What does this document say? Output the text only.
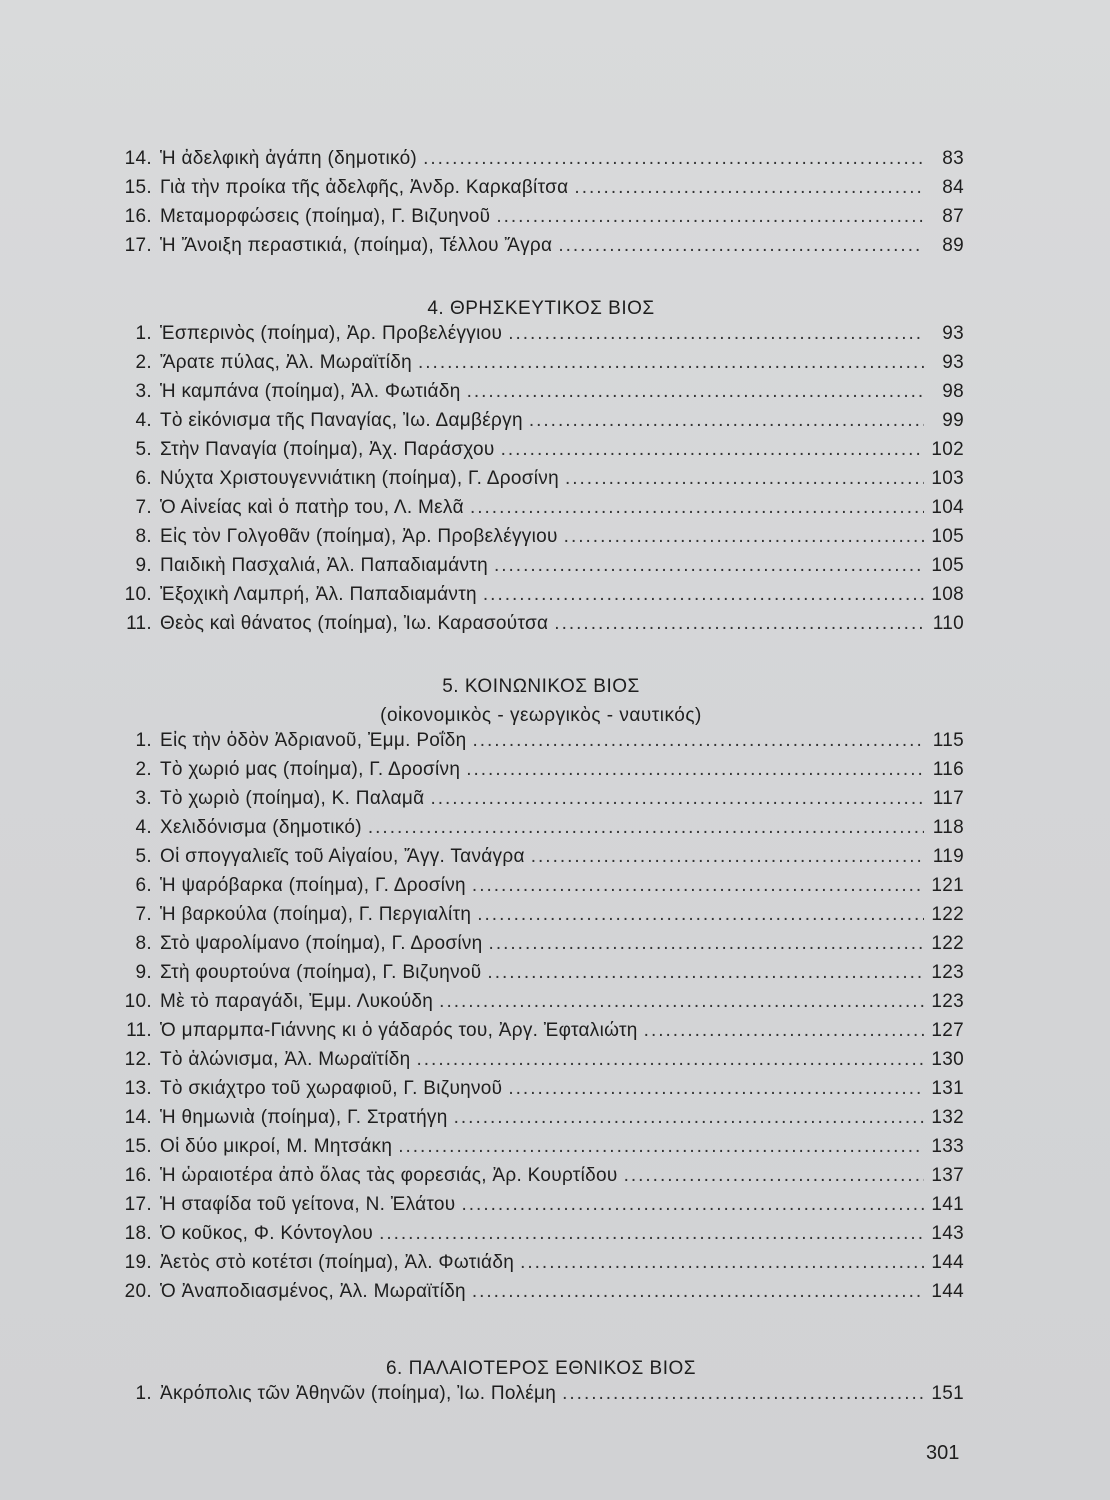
14. Ἡ ἀδελφικὴ ἀγάπη (δημοτικό) .....	83
15. Γιὰ τὴν προίκα τῆς ἀδελφῆς, Ἀνδρ. Καρκαβίτσα .....	84
16. Μεταμορφώσεις (ποίημα), Γ. Βιζυηνοῦ .....	87
17. Ἡ Ἄνοιξη περαστικιά, (ποίημα), Τέλλου Ἄγρα .....	89
4. ΘΡΗΣΚΕΥΤΙΚΟΣ ΒΙΟΣ
1. Ἑσπερινὸς (ποίημα), Ἀρ. Προβελέγγιου .....	93
2. Ἄρατε πύλας, Ἀλ. Μωραϊτίδη .....	93
3. Ἡ καμπάνα (ποίημα), Ἀλ. Φωτιάδη .....	98
4. Τὸ εἰκόνισμα τῆς Παναγίας, Ἰω. Δαμβέργη .....	99
5. Στὴν Παναγία (ποίημα), Ἀχ. Παράσχου .....	102
6. Νύχτα Χριστουγεννιάτικη (ποίημα), Γ. Δροσίνη .....	103
7. Ὁ Αἰνείας καὶ ὁ πατὴρ του, Λ. Μελᾶ .....	104
8. Εἰς τὸν Γολγοθᾶν (ποίημα), Ἀρ. Προβελέγγιου .....	105
9. Παιδικὴ Πασχαλιά, Ἀλ. Παπαδιαμάντη .....	105
10. Ἐξοχικὴ Λαμπρή, Ἀλ. Παπαδιαμάντη .....	108
11. Θεὸς καὶ θάνατος (ποίημα), Ἰω. Καρασούτσα .....	110
5. ΚΟΙΝΩΝΙΚΟΣ ΒΙΟΣ
(οἰκονομικὸς - γεωργικὸς - ναυτικός)
1. Εἰς τὴν ὁδὸν Ἀδριανοῦ, Ἐμμ. Ροΐδη .....	115
2. Τὸ χωριό μας (ποίημα), Γ. Δροσίνη .....	116
3. Τὸ χωριὸ (ποίημα), Κ. Παλαμᾶ .....	117
4. Χελιδόνισμα (δημοτικό) .....	118
5. Οἱ σπογγαλιεῖς τοῦ Αἰγαίου, Ἄγγ. Τανάγρα .....	119
6. Ἡ ψαρόβαρκα (ποίημα), Γ. Δροσίνη .....	121
7. Ἡ βαρκούλα (ποίημα), Γ. Περγιαλίτη .....	122
8. Στὸ ψαρολίμανο (ποίημα), Γ. Δροσίνη .....	122
9. Στὴ φουρτούνα (ποίημα), Γ. Βιζυηνοῦ .....	123
10. Μὲ τὸ παραγάδι, Ἐμμ. Λυκούδη .....	123
11. Ὁ μπαρμπα-Γιάννης κι ὁ γάδαρός του, Ἀργ. Ἐφταλιώτη .....	127
12. Τὸ ἁλώνισμα, Ἀλ. Μωραϊτίδη .....	130
13. Τὸ σκιάχτρο τοῦ χωραφιοῦ, Γ. Βιζυηνοῦ .....	131
14. Ἡ θημωνιὰ (ποίημα), Γ. Στρατήγη .....	132
15. Οἱ δύο μικροί, Μ. Μητσάκη .....	133
16. Ἡ ὡραιοτέρα ἀπὸ ὅλας τὰς φορεσιάς, Ἀρ. Κουρτίδου .....	137
17. Ἡ σταφίδα τοῦ γείτονα, Ν. Ἐλάτου .....	141
18. Ὁ κοῦκος, Φ. Κόντογλου .....	143
19. Ἀετὸς στὸ κοτέτσι (ποίημα), Ἀλ. Φωτιάδη .....	144
20. Ὁ Ἀναποδιασμένος, Ἀλ. Μωραϊτίδη .....	144
6. ΠΑΛΑΙΟΤΕΡΟΣ ΕΘΝΙΚΟΣ ΒΙΟΣ
1. Ἀκρόπολις τῶν Ἀθηνῶν (ποίημα), Ἰω. Πολέμη .....	151
301
